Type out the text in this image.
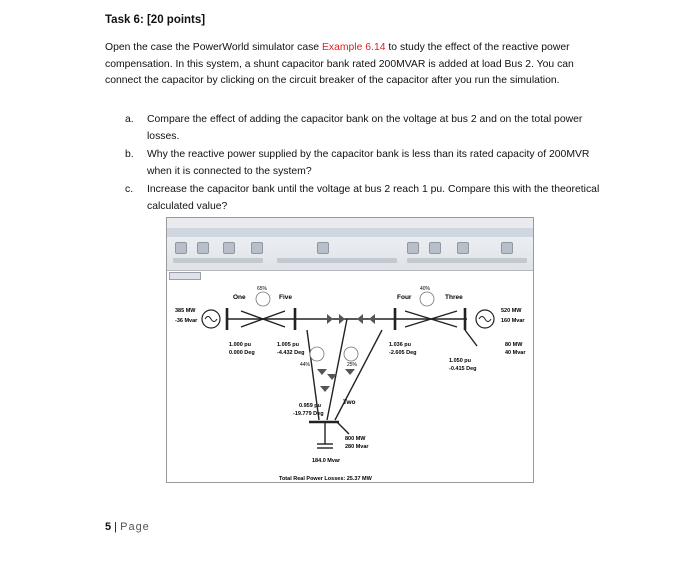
Task 6: [20 points]
Open the case the PowerWorld simulator case Example 6.14 to study the effect of the reactive power compensation. In this system, a shunt capacitor bank rated 200MVAR is added at load Bus 2. You can connect the capacitor by clicking on the circuit breaker of the capacitor after you run the simulation.
a. Compare the effect of adding the capacitor bank on the voltage at bus 2 and on the total power losses.
b. Why the reactive power supplied by the capacitor bank is less than its rated capacity of 200MVR when it is connected to the system?
c. Increase the capacitor bank until the voltage at bus 2 reach 1 pu. Compare this with the theoretical calculated value?
One	Five	Four	Three
Two
65%	40%
44%	25%
385 MW
-36 Mvar
520 MW
160 Mvar
80 MW
40 Mvar
1.000 pu
0.000 Deg
1.005 pu
-4.432 Deg
1.036 pu
-2.605 Deg
1.050 pu
-0.415 Deg
0.959 pu
-19.779 Deg
800 MW
280 Mvar
184.0 Mvar
Total Real Power Losses: 25.37 MW
5 | Page
